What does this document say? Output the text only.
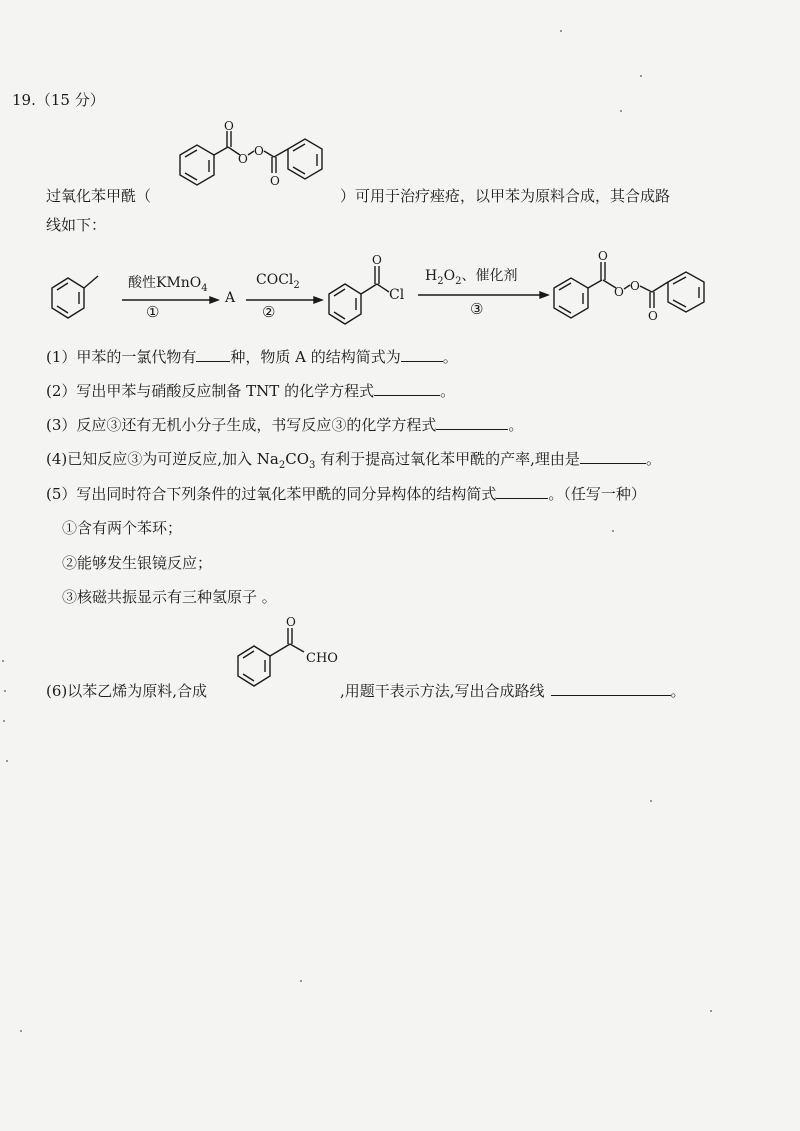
19.（15 分）
O
O
O
O
过氧化苯甲酰（	）可用于治疗痤疮，以甲苯为原料合成，其合成路
线如下：
酸性KMnO$_4$
①
A
COCl$_2$
②
O
Cl
$H_2O_2$、催化剂
③
O
O O
O
(1）甲苯的一氯代物有 种，物质 A 的结构简式为	。
(2）写出甲苯与硝酸反应制备 TNT 的化学方程式	。
(3）反应③还有无机小分子生成，书写反应③的化学方程式	。
(4)已知反应③为可逆反应,加入 $Na_2CO_3$ 有利于提高过氧化苯甲酰的产率,理由是	。
(5）写出同时符合下列条件的过氧化苯甲酰的同分异构体的结构简式	。（任写一种）
①含有两个苯环；
②能够发生银镜反应；
③核磁共振显示有三种氢原子 。
(6)以苯乙烯为原料,合成
O
CHO
,用题干表示方法,写出合成路线	。
